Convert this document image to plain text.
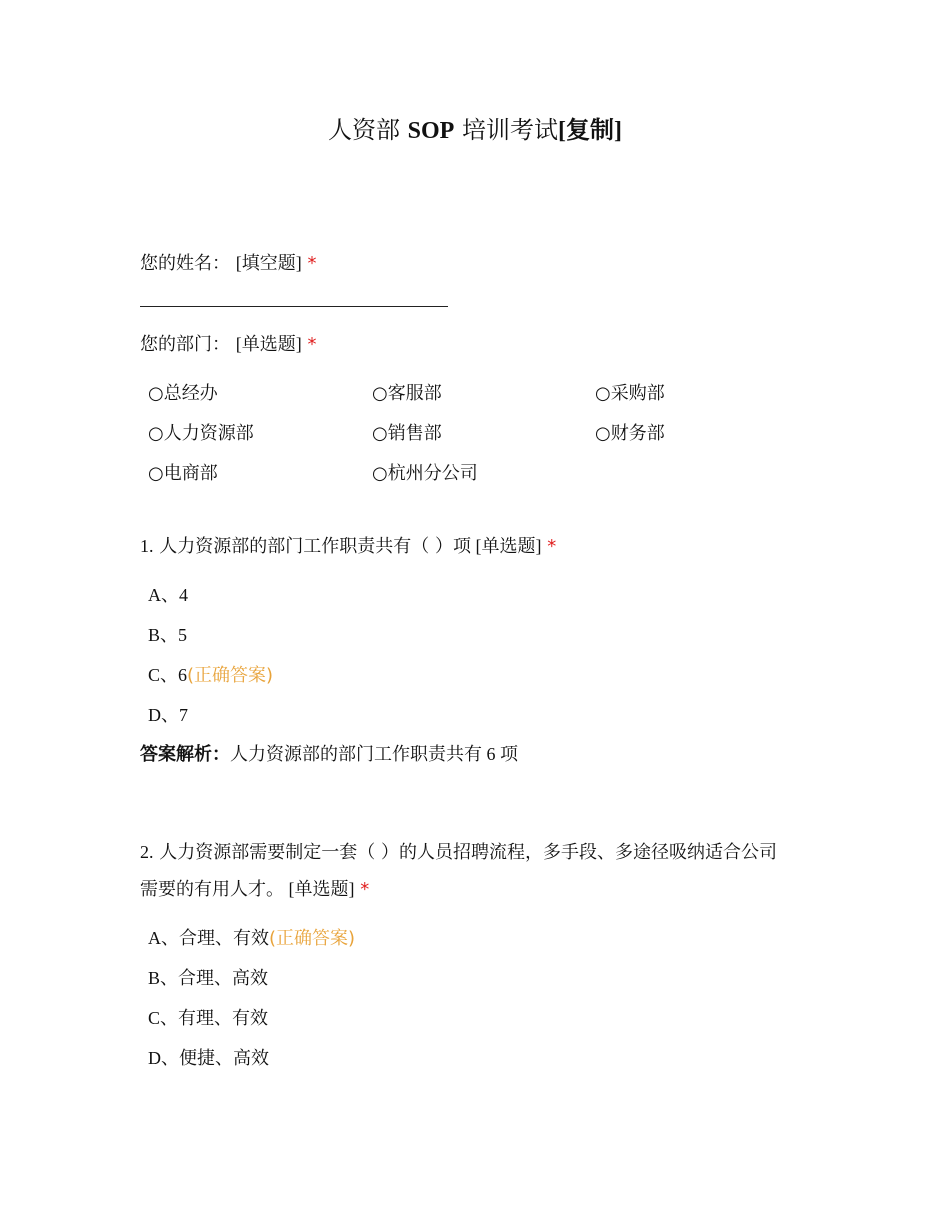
人资部 SOP 培训考试[复制]
您的姓名： [填空题] *
您的部门： [单选题] *
○总经办	○客服部	○采购部
○人力资源部	○销售部	○财务部
○电商部	○杭州分公司
1. 人力资源部的部门工作职责共有（ ）项 [单选题] *
A、4
B、5
C、6(正确答案)
D、7
答案解析：人力资源部的部门工作职责共有 6 项
2. 人力资源部需要制定一套（ ）的人员招聘流程，多手段、多途径吸纳适合公司
需要的有用人才。 [单选题] *
A、合理、有效(正确答案)
B、合理、高效
C、有理、有效
D、便捷、高效
